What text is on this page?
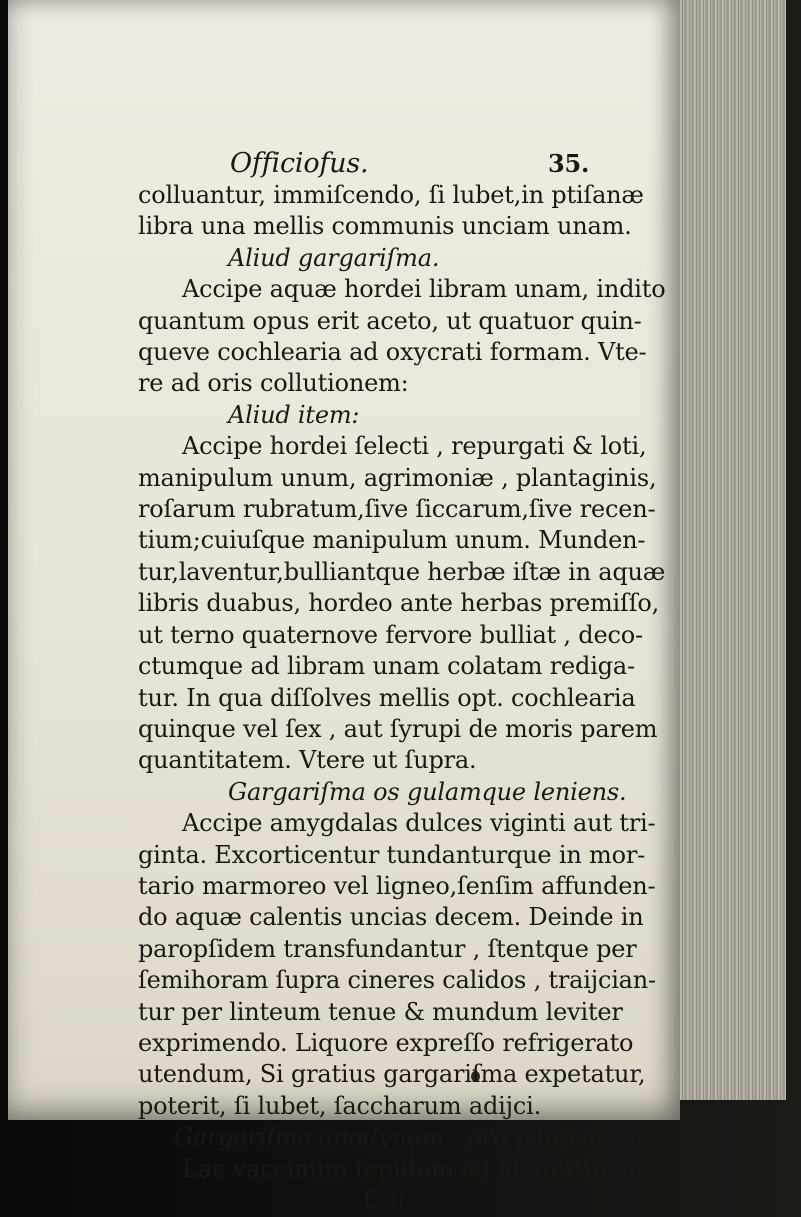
Officiofus.	35.
colluantur, immiſcendo, ſi lubet,in ptiſanæ
libra una mellis communis unciam unam.
Aliud gargariſma.
Accipe aquæ hordei libram unam, indito
quantum opus erit aceto, ut quatuor quin-
queve cochlearia ad oxycrati formam. Vte-
re ad oris collutionem:
Aliud item:
Accipe hordei ſelecti , repurgati & loti,
manipulum unum, agrimoniæ , plantaginis,
roſarum rubratum,ſive ſiccarum,ſive recen-
tium;cuiuſque manipulum unum. Munden-
tur,laventur,bulliantque herbæ iſtæ in aquæ
libris duabus, hordeo ante herbas premiſſo,
ut terno quaternove fervore bulliat , deco-
ctumque ad libram unam colatam rediga-
tur. In qua diſſolves mellis opt. cochlearia
quinque vel ſex , aut ſyrupi de moris parem
quantitatem. Vtere ut ſupra.
Gargariſma os gulamque leniens.
Accipe amygdalas dulces viginti aut tri-
ginta. Excorticentur tundanturque in mor-
tario marmoreo vel ligneo,ſenſim affunden-
do aquæ calentis uncias decem. Deinde in
paropſidem transfundantur , ſtentque per
ſemihoram ſupra cineres calidos , traijcian-
tur per linteum tenue & mundum leviter
exprimendo. Liquore expreſſo refrigerato
utendum, Si gratius gargariſma expetatur,
poterit, ſi lubet, ſaccharum adijci.
Gargariſma anodynum , pro pauperibus.
Lac vaccinum tepidum ad id aptiſſimũ eſt.
C ij
